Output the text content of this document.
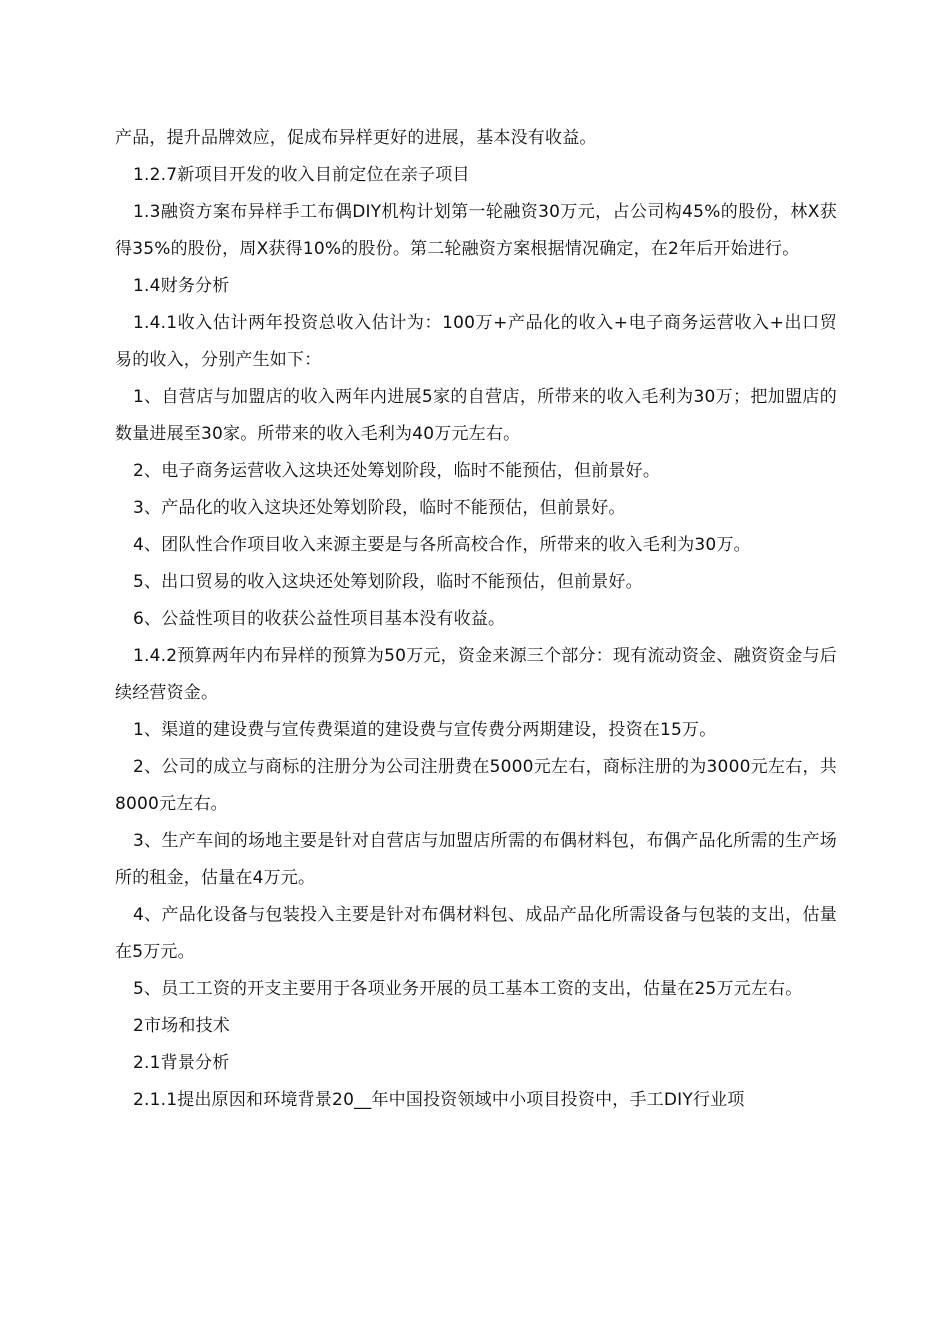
产品，提升品牌效应，促成布异样更好的进展，基本没有收益。

1.2.7新项目开发的收入目前定位在亲子项目

1.3融资方案布异样手工布偶DIY机构计划第一轮融资30万元，占公司构45%的股份，林X获得35%的股份，周X获得10%的股份。第二轮融资方案根据情况确定，在2年后开始进行。

1.4财务分析

1.4.1收入估计两年投资总收入估计为：100万+产品化的收入+电子商务运营收入+出口贸易的收入，分别产生如下：

1、自营店与加盟店的收入两年内进展5家的自营店，所带来的收入毛利为30万；把加盟店的数量进展至30家。所带来的收入毛利为40万元左右。

2、电子商务运营收入这块还处筹划阶段，临时不能预估，但前景好。

3、产品化的收入这块还处筹划阶段，临时不能预估，但前景好。

4、团队性合作项目收入来源主要是与各所高校合作，所带来的收入毛利为30万。

5、出口贸易的收入这块还处筹划阶段，临时不能预估，但前景好。

6、公益性项目的收获公益性项目基本没有收益。

1.4.2预算两年内布异样的预算为50万元，资金来源三个部分：现有流动资金、融资资金与后续经营资金。

1、渠道的建设费与宣传费渠道的建设费与宣传费分两期建设，投资在15万。

2、公司的成立与商标的注册分为公司注册费在5000元左右，商标注册的为3000元左右，共8000元左右。

3、生产车间的场地主要是针对自营店与加盟店所需的布偶材料包，布偶产品化所需的生产场所的租金，估量在4万元。

4、产品化设备与包装投入主要是针对布偶材料包、成品产品化所需设备与包装的支出，估量在5万元。

5、员工工资的开支主要用于各项业务开展的员工基本工资的支出，估量在25万元左右。

2市场和技术

2.1背景分析

2.1.1提出原因和环境背景20__年中国投资领域中小项目投资中，手工DIY行业项
